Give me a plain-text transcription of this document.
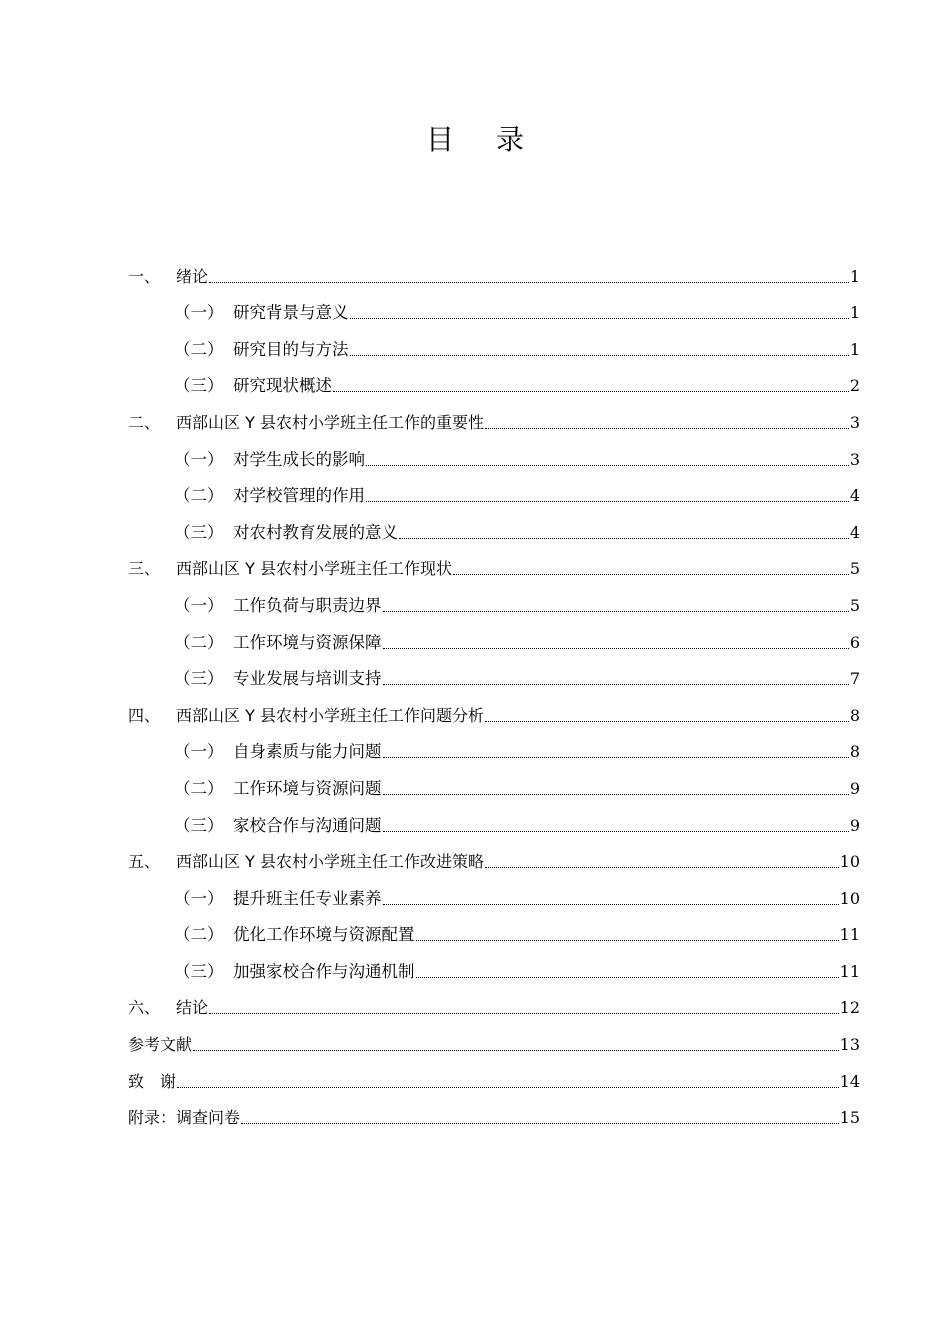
目 录
一、 绪论	1
（一） 研究背景与意义	1
（二） 研究目的与方法	1
（三） 研究现状概述	2
二、 西部山区 Y 县农村小学班主任工作的重要性	3
（一） 对学生成长的影响	3
（二） 对学校管理的作用	4
（三） 对农村教育发展的意义	4
三、 西部山区 Y 县农村小学班主任工作现状	5
（一） 工作负荷与职责边界	5
（二） 工作环境与资源保障	6
（三） 专业发展与培训支持	7
四、 西部山区 Y 县农村小学班主任工作问题分析	8
（一） 自身素质与能力问题	8
（二） 工作环境与资源问题	9
（三） 家校合作与沟通问题	9
五、 西部山区 Y 县农村小学班主任工作改进策略	10
（一） 提升班主任专业素养	10
（二） 优化工作环境与资源配置	11
（三） 加强家校合作与沟通机制	11
六、 结论	12
参考文献	13
致 谢	14
附录：调查问卷	15
